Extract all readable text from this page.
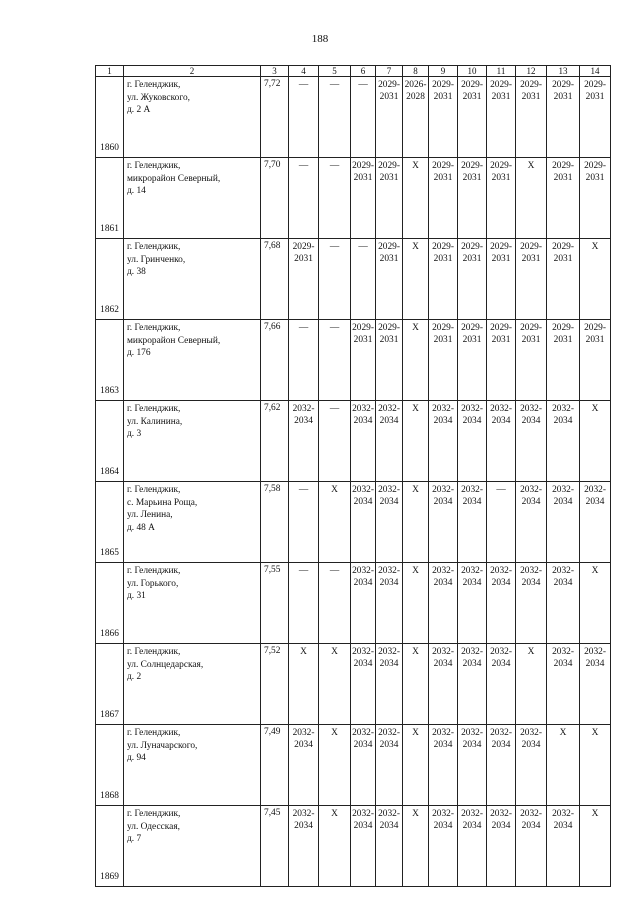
188
1	2	3	4	5	6	7	8	9	10	11	12	13	14
1860	г. Геленджик,
ул. Жуковского,
д. 2 А	7,72	—	—	—	2029-
2031	2026-
2028	2029-
2031	2029-
2031	2029-
2031	2029-
2031	2029-
2031	2029-
2031

1861	г. Геленджик,
микрорайон Северный,
д. 14	7,70	—	—	2029-
2031	2029-
2031	X	2029-
2031	2029-
2031	2029-
2031	X	2029-
2031	2029-
2031

1862	г. Геленджик,
ул. Гринченко,
д. 38	7,68	2029-
2031	—	—	2029-
2031	X	2029-
2031	2029-
2031	2029-
2031	2029-
2031	2029-
2031	X

1863	г. Геленджик,
микрорайон Северный,
д. 176	7,66	—	—	2029-
2031	2029-
2031	X	2029-
2031	2029-
2031	2029-
2031	2029-
2031	2029-
2031	2029-
2031

1864	г. Геленджик,
ул. Калинина,
д. 3	7,62	2032-
2034	—	2032-
2034	2032-
2034	X	2032-
2034	2032-
2034	2032-
2034	2032-
2034	2032-
2034	X

1865	г. Геленджик,
с. Марьина Роща,
ул. Ленина,
д. 48 А	7,58	—	X	2032-
2034	2032-
2034	X	2032-
2034	2032-
2034	—	2032-
2034	2032-
2034	2032-
2034

1866	г. Геленджик,
ул. Горького,
д. 31	7,55	—	—	2032-
2034	2032-
2034	X	2032-
2034	2032-
2034	2032-
2034	2032-
2034	2032-
2034	X

1867	г. Геленджик,
ул. Солнцедарская,
д. 2	7,52	X	X	2032-
2034	2032-
2034	X	2032-
2034	2032-
2034	2032-
2034	X	2032-
2034	2032-
2034

1868	г. Геленджик,
ул. Луначарского,
д. 94	7,49	2032-
2034	X	2032-
2034	2032-
2034	X	2032-
2034	2032-
2034	2032-
2034	2032-
2034	X	X

1869	г. Геленджик,
ул. Одесская,
д. 7	7,45	2032-
2034	X	2032-
2034	2032-
2034	X	2032-
2034	2032-
2034	2032-
2034	2032-
2034	2032-
2034	X
